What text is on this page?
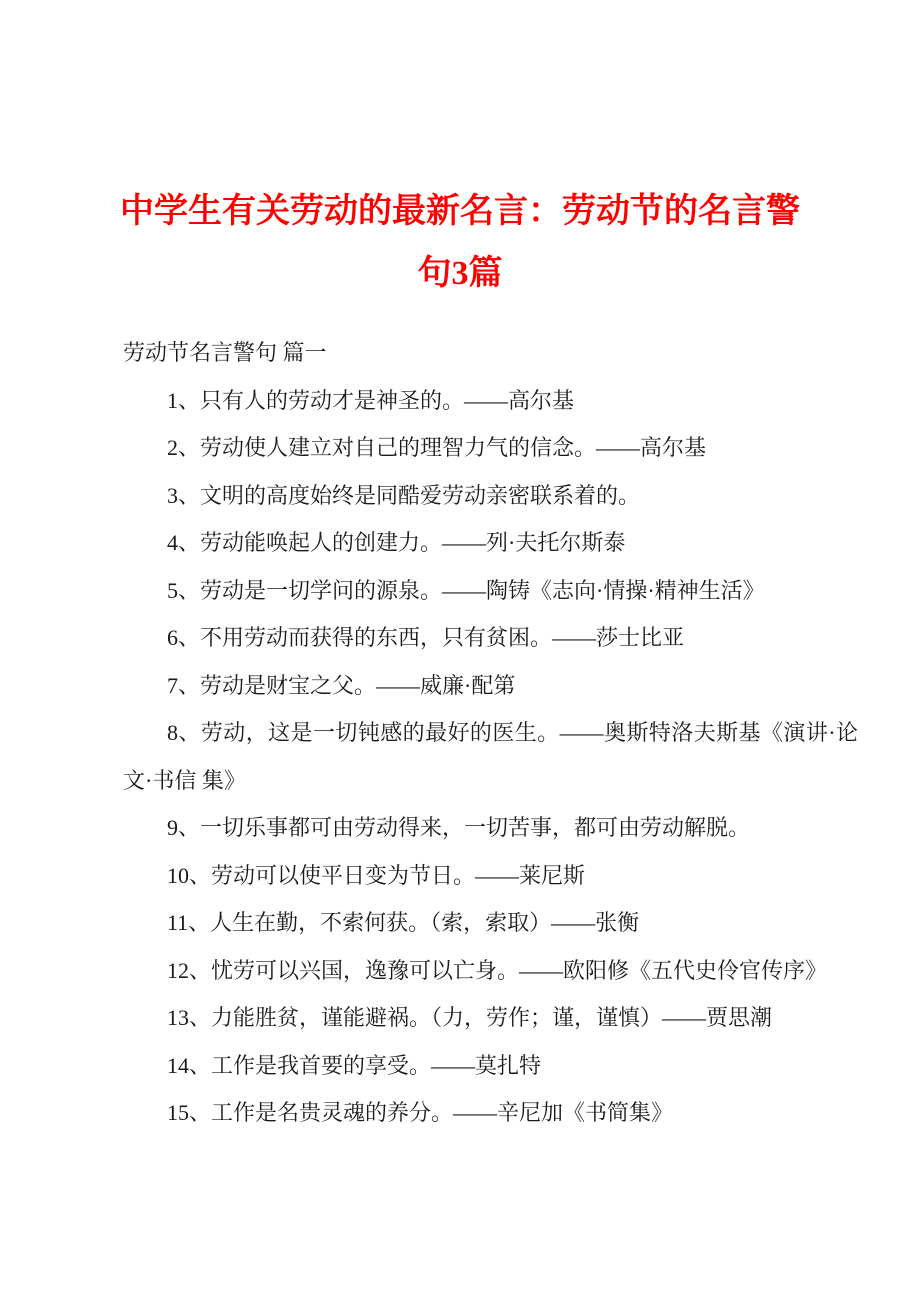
中学生有关劳动的最新名言：劳动节的名言警
句3篇

劳动节名言警句 篇一

1、只有人的劳动才是神圣的。——高尔基

2、劳动使人建立对自己的理智力气的信念。——高尔基

3、文明的高度始终是同酷爱劳动亲密联系着的。

4、劳动能唤起人的创建力。——列·夫托尔斯泰

5、劳动是一切学问的源泉。——陶铸《志向·情操·精神生活》

6、不用劳动而获得的东西，只有贫困。——莎士比亚

7、劳动是财宝之父。——威廉·配第

8、劳动，这是一切钝感的最好的医生。——奥斯特洛夫斯基《演讲·论文·书信 集》

9、一切乐事都可由劳动得来，一切苦事，都可由劳动解脱。

10、劳动可以使平日变为节日。——莱尼斯

11、人生在勤，不索何获。（索，索取）——张衡

12、忧劳可以兴国，逸豫可以亡身。——欧阳修《五代史伶官传序》

13、力能胜贫，谨能避祸。（力，劳作；谨，谨慎）——贾思潮

14、工作是我首要的享受。——莫扎特

15、工作是名贵灵魂的养分。——辛尼加《书简集》
